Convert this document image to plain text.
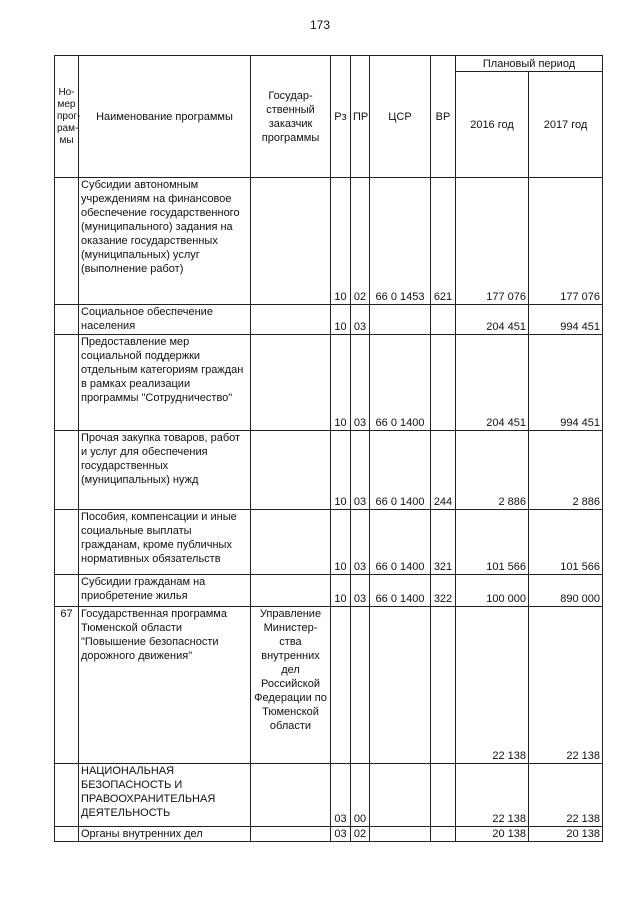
173
Но-
мер
прог-
рам-
мы	Наименование программы	Государ-
ственный
заказчик
программы	Рз	ПР	ЦСР	ВР	Плановый период	
							2016 год	2017 год
	Субсидии автономным учреждениям на финансовое обеспечение государственного (муниципального) задания на оказание государственных (муниципальных) услуг (выполнение работ)		10	02	66 0 1453	621	177 076	177 076
	Социальное обеспечение населения		10	03			204 451	994 451
	Предоставление мер социальной поддержки отдельным категориям граждан в рамках реализации программы "Сотрудничество"		10	03	66 0 1400		204 451	994 451
	Прочая закупка товаров, работ и услуг для обеспечения государственных (муниципальных) нужд		10	03	66 0 1400	244	2 886	2 886
	Пособия, компенсации и иные социальные выплаты гражданам, кроме публичных нормативных обязательств		10	03	66 0 1400	321	101 566	101 566
	Субсидии гражданам на приобретение жилья		10	03	66 0 1400	322	100 000	890 000
67	Государственная программа Тюменской области "Повышение безопасности дорожного движения"	Управление Министер-ства внутренних дел Российской Федерации по Тюменской области					22 138	22 138
	НАЦИОНАЛЬНАЯ БЕЗОПАСНОСТЬ И ПРАВООХРАНИТЕЛЬНАЯ ДЕЯТЕЛЬНОСТЬ		03	00			22 138	22 138
	Органы внутренних дел		03	02			20 138	20 138
